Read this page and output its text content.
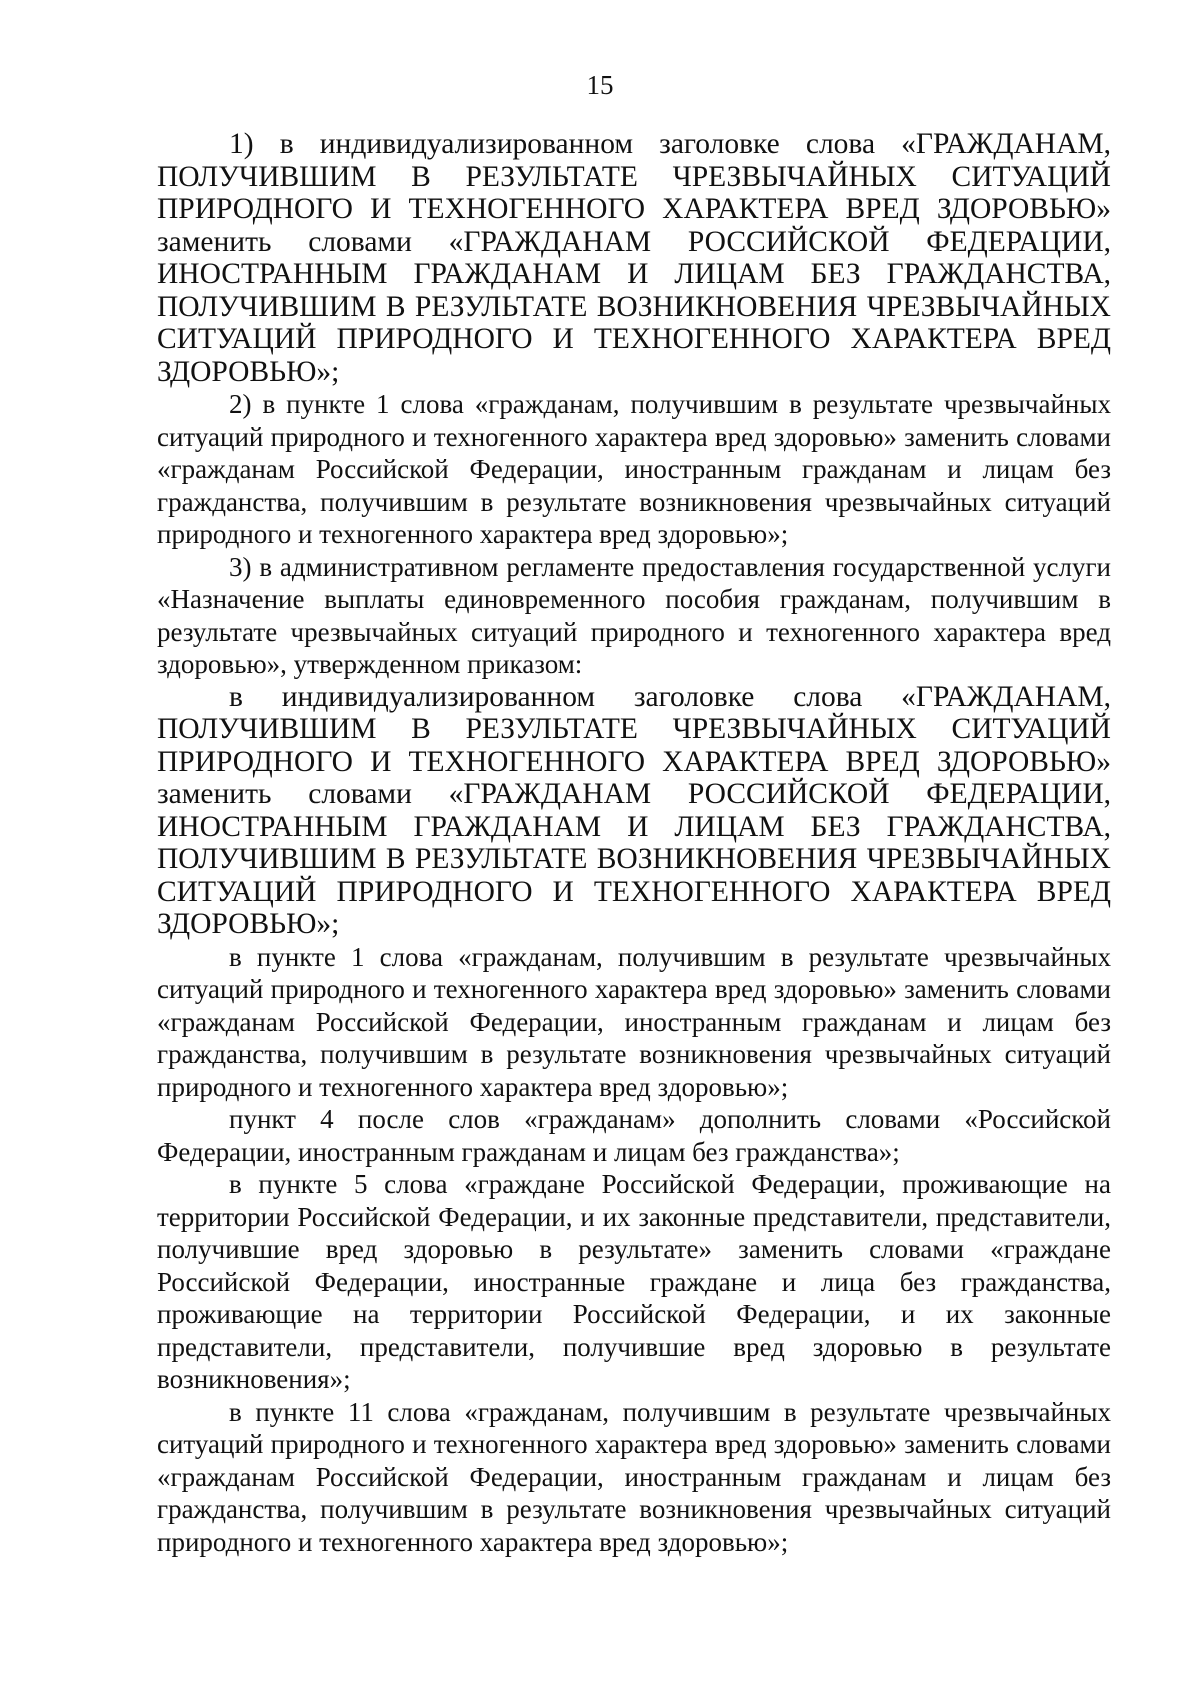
15

1) в индивидуализированном заголовке слова «ГРАЖДАНАМ, ПОЛУЧИВШИМ В РЕЗУЛЬТАТЕ ЧРЕЗВЫЧАЙНЫХ СИТУАЦИЙ ПРИРОДНОГО И ТЕХНОГЕННОГО ХАРАКТЕРА ВРЕД ЗДОРОВЬЮ» заменить словами «ГРАЖДАНАМ РОССИЙСКОЙ ФЕДЕРАЦИИ, ИНОСТРАННЫМ ГРАЖДАНАМ И ЛИЦАМ БЕЗ ГРАЖДАНСТВА, ПОЛУЧИВШИМ В РЕЗУЛЬТАТЕ ВОЗНИКНОВЕНИЯ ЧРЕЗВЫЧАЙНЫХ СИТУАЦИЙ ПРИРОДНОГО И ТЕХНОГЕННОГО ХАРАКТЕРА ВРЕД ЗДОРОВЬЮ»;

2) в пункте 1 слова «гражданам, получившим в результате чрезвычайных ситуаций природного и техногенного характера вред здоровью» заменить словами «гражданам Российской Федерации, иностранным гражданам и лицам без гражданства, получившим в результате возникновения чрезвычайных ситуаций природного и техногенного характера вред здоровью»;

3) в административном регламенте предоставления государственной услуги «Назначение выплаты единовременного пособия гражданам, получившим в результате чрезвычайных ситуаций природного и техногенного характера вред здоровью», утвержденном приказом:

в индивидуализированном заголовке слова «ГРАЖДАНАМ, ПОЛУЧИВШИМ В РЕЗУЛЬТАТЕ ЧРЕЗВЫЧАЙНЫХ СИТУАЦИЙ ПРИРОДНОГО И ТЕХНОГЕННОГО ХАРАКТЕРА ВРЕД ЗДОРОВЬЮ» заменить словами «ГРАЖДАНАМ РОССИЙСКОЙ ФЕДЕРАЦИИ, ИНОСТРАННЫМ ГРАЖДАНАМ И ЛИЦАМ БЕЗ ГРАЖДАНСТВА, ПОЛУЧИВШИМ В РЕЗУЛЬТАТЕ ВОЗНИКНОВЕНИЯ ЧРЕЗВЫЧАЙНЫХ СИТУАЦИЙ ПРИРОДНОГО И ТЕХНОГЕННОГО ХАРАКТЕРА ВРЕД ЗДОРОВЬЮ»;

в пункте 1 слова «гражданам, получившим в результате чрезвычайных ситуаций природного и техногенного характера вред здоровью» заменить словами «гражданам Российской Федерации, иностранным гражданам и лицам без гражданства, получившим в результате возникновения чрезвычайных ситуаций природного и техногенного характера вред здоровью»;

пункт 4 после слов «гражданам» дополнить словами «Российской Федерации, иностранным гражданам и лицам без гражданства»;

в пункте 5 слова «граждане Российской Федерации, проживающие на территории Российской Федерации, и их законные представители, представители, получившие вред здоровью в результате» заменить словами «граждане Российской Федерации, иностранные граждане и лица без гражданства, проживающие на территории Российской Федерации, и их законные представители, представители, получившие вред здоровью в результате возникновения»;

в пункте 11 слова «гражданам, получившим в результате чрезвычайных ситуаций природного и техногенного характера вред здоровью» заменить словами «гражданам Российской Федерации, иностранным гражданам и лицам без гражданства, получившим в результате возникновения чрезвычайных ситуаций природного и техногенного характера вред здоровью»;
